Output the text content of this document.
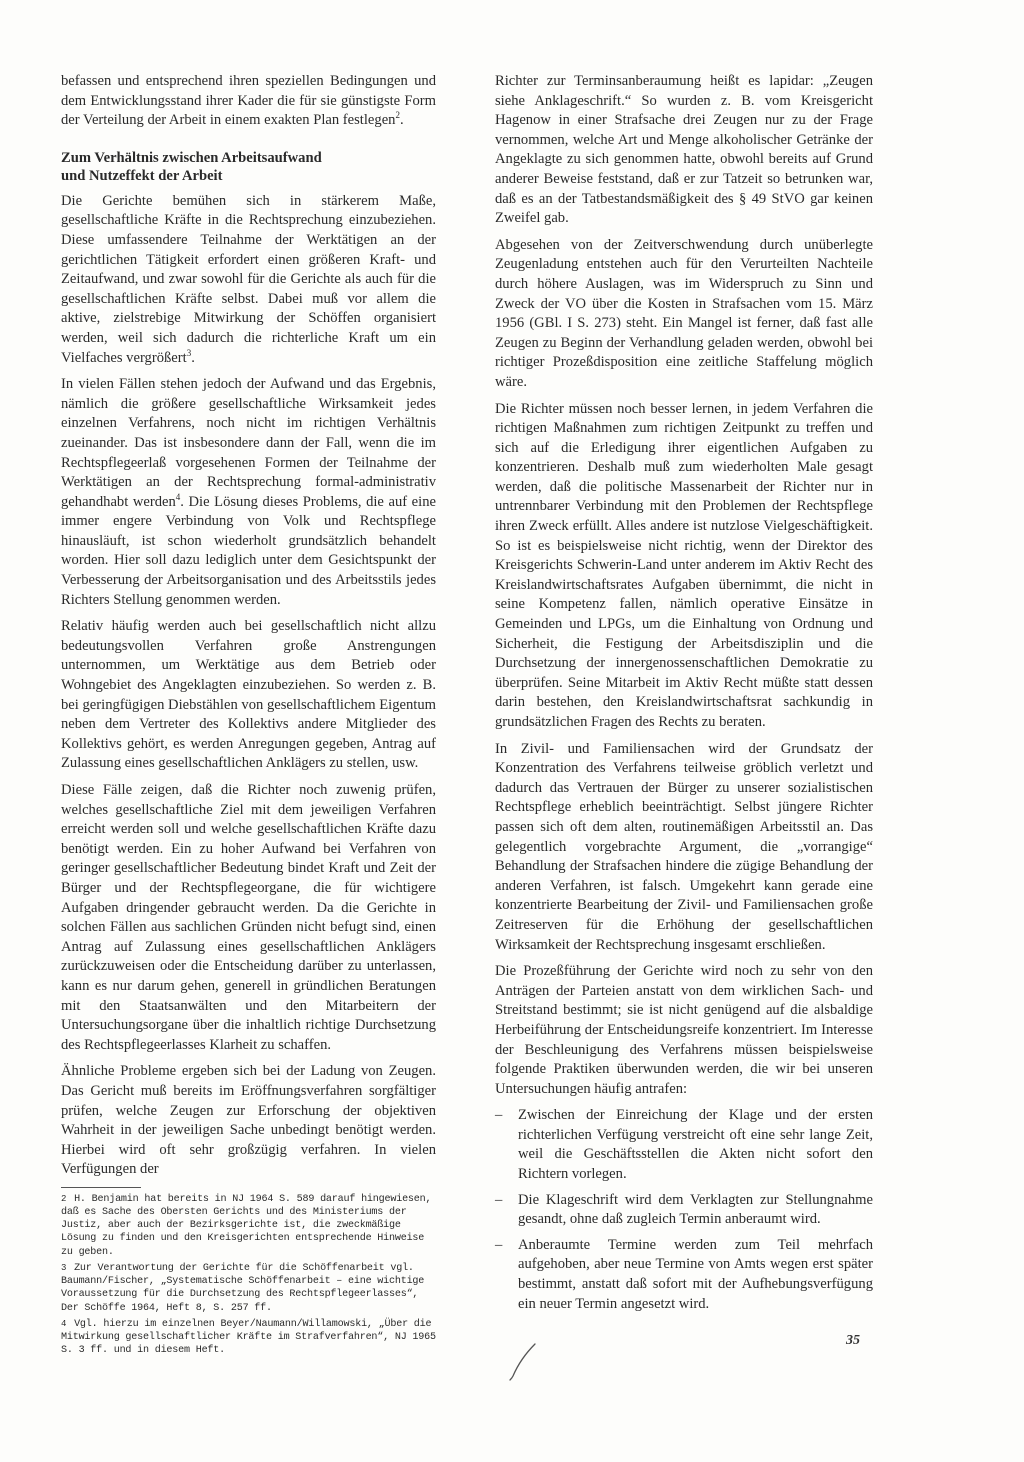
befassen und entsprechend ihren speziellen Bedingungen und dem Entwicklungsstand ihrer Kader die für sie günstigste Form der Verteilung der Arbeit in einem exakten Plan festlegen$^2$.

Zum Verhältnis zwischen Arbeitsaufwand
und Nutzeffekt der Arbeit

Die Gerichte bemühen sich in stärkerem Maße, gesellschaftliche Kräfte in die Rechtsprechung einzubeziehen. Diese umfassendere Teilnahme der Werktätigen an der gerichtlichen Tätigkeit erfordert einen größeren Kraft- und Zeitaufwand, und zwar sowohl für die Gerichte als auch für die gesellschaftlichen Kräfte selbst. Dabei muß vor allem die aktive, zielstrebige Mitwirkung der Schöffen organisiert werden, weil sich dadurch die richterliche Kraft um ein Vielfaches vergrößert$^3$.

In vielen Fällen stehen jedoch der Aufwand und das Ergebnis, nämlich die größere gesellschaftliche Wirksamkeit jedes einzelnen Verfahrens, noch nicht im richtigen Verhältnis zueinander. Das ist insbesondere dann der Fall, wenn die im Rechtspflegeerlaß vorgesehenen Formen der Teilnahme der Werktätigen an der Rechtsprechung formal-administrativ gehandhabt werden$^4$. Die Lösung dieses Problems, die auf eine immer engere Verbindung von Volk und Rechtspflege hinausläuft, ist schon wiederholt grundsätzlich behandelt worden. Hier soll dazu lediglich unter dem Gesichtspunkt der Verbesserung der Arbeitsorganisation und des Arbeitsstils jedes Richters Stellung genommen werden.

Relativ häufig werden auch bei gesellschaftlich nicht allzu bedeutungsvollen Verfahren große Anstrengungen unternommen, um Werktätige aus dem Betrieb oder Wohngebiet des Angeklagten einzubeziehen. So werden z. B. bei geringfügigen Diebstählen von gesellschaftlichem Eigentum neben dem Vertreter des Kollektivs andere Mitglieder des Kollektivs gehört, es werden Anregungen gegeben, Antrag auf Zulassung eines gesellschaftlichen Anklägers zu stellen, usw.

Diese Fälle zeigen, daß die Richter noch zuwenig prüfen, welches gesellschaftliche Ziel mit dem jeweiligen Verfahren erreicht werden soll und welche gesellschaftlichen Kräfte dazu benötigt werden. Ein zu hoher Aufwand bei Verfahren von geringer gesellschaftlicher Bedeutung bindet Kraft und Zeit der Bürger und der Rechtspflegeorgane, die für wichtigere Aufgaben dringender gebraucht werden. Da die Gerichte in solchen Fällen aus sachlichen Gründen nicht befugt sind, einen Antrag auf Zulassung eines gesellschaftlichen Anklägers zurückzuweisen oder die Entscheidung darüber zu unterlassen, kann es nur darum gehen, generell in gründlichen Beratungen mit den Staatsanwälten und den Mitarbeitern der Untersuchungsorgane über die inhaltlich richtige Durchsetzung des Rechtspflegeerlasses Klarheit zu schaffen.

Ähnliche Probleme ergeben sich bei der Ladung von Zeugen. Das Gericht muß bereits im Eröffnungsverfahren sorgfältiger prüfen, welche Zeugen zur Erforschung der objektiven Wahrheit in der jeweiligen Sache unbedingt benötigt werden. Hierbei wird oft sehr großzügig verfahren. In vielen Verfügungen der

2 H. Benjamin hat bereits in NJ 1964 S. 589 darauf hingewiesen, daß es Sache des Obersten Gerichts und des Ministeriums der Justiz, aber auch der Bezirksgerichte ist, die zweckmäßige Lösung zu finden und den Kreisgerichten entsprechende Hinweise zu geben.
3 Zur Verantwortung der Gerichte für die Schöffenarbeit vgl. Baumann/Fischer, „Systematische Schöffenarbeit – eine wichtige Voraussetzung für die Durchsetzung des Rechtspflegeerlasses“, Der Schöffe 1964, Heft 8, S. 257 ff.
4 Vgl. hierzu im einzelnen Beyer/Naumann/Willamowski, „Über die Mitwirkung gesellschaftlicher Kräfte im Strafverfahren“, NJ 1965 S. 3 ff. und in diesem Heft.

Richter zur Terminsanberaumung heißt es lapidar: „Zeugen siehe Anklageschrift.“ So wurden z. B. vom Kreisgericht Hagenow in einer Strafsache drei Zeugen nur zu der Frage vernommen, welche Art und Menge alkoholischer Getränke der Angeklagte zu sich genommen hatte, obwohl bereits auf Grund anderer Beweise feststand, daß er zur Tatzeit so betrunken war, daß es an der Tatbestandsmäßigkeit des § 49 StVO gar keinen Zweifel gab.

Abgesehen von der Zeitverschwendung durch unüberlegte Zeugenladung entstehen auch für den Verurteilten Nachteile durch höhere Auslagen, was im Widerspruch zu Sinn und Zweck der VO über die Kosten in Strafsachen vom 15. März 1956 (GBl. I S. 273) steht. Ein Mangel ist ferner, daß fast alle Zeugen zu Beginn der Verhandlung geladen werden, obwohl bei richtiger Prozeßdisposition eine zeitliche Staffelung möglich wäre.

Die Richter müssen noch besser lernen, in jedem Verfahren die richtigen Maßnahmen zum richtigen Zeitpunkt zu treffen und sich auf die Erledigung ihrer eigentlichen Aufgaben zu konzentrieren. Deshalb muß zum wiederholten Male gesagt werden, daß die politische Massenarbeit der Richter nur in untrennbarer Verbindung mit den Problemen der Rechtspflege ihren Zweck erfüllt. Alles andere ist nutzlose Vielgeschäftigkeit. So ist es beispielsweise nicht richtig, wenn der Direktor des Kreisgerichts Schwerin-Land unter anderem im Aktiv Recht des Kreislandwirtschaftsrates Aufgaben übernimmt, die nicht in seine Kompetenz fallen, nämlich operative Einsätze in Gemeinden und LPGs, um die Einhaltung von Ordnung und Sicherheit, die Festigung der Arbeitsdisziplin und die Durchsetzung der innergenossenschaftlichen Demokratie zu überprüfen. Seine Mitarbeit im Aktiv Recht müßte statt dessen darin bestehen, den Kreislandwirtschaftsrat sachkundig in grundsätzlichen Fragen des Rechts zu beraten.

In Zivil- und Familiensachen wird der Grundsatz der Konzentration des Verfahrens teilweise gröblich verletzt und dadurch das Vertrauen der Bürger zu unserer sozialistischen Rechtspflege erheblich beeinträchtigt. Selbst jüngere Richter passen sich oft dem alten, routinemäßigen Arbeitsstil an. Das gelegentlich vorgebrachte Argument, die „vorrangige“ Behandlung der Strafsachen hindere die zügige Behandlung der anderen Verfahren, ist falsch. Umgekehrt kann gerade eine konzentrierte Bearbeitung der Zivil- und Familiensachen große Zeitreserven für die Erhöhung der gesellschaftlichen Wirksamkeit der Rechtsprechung insgesamt erschließen.

Die Prozeßführung der Gerichte wird noch zu sehr von den Anträgen der Parteien anstatt von dem wirklichen Sach- und Streitstand bestimmt; sie ist nicht genügend auf die alsbaldige Herbeiführung der Entscheidungsreife konzentriert. Im Interesse der Beschleunigung des Verfahrens müssen beispielsweise folgende Praktiken überwunden werden, die wir bei unseren Untersuchungen häufig antrafen:

– Zwischen der Einreichung der Klage und der ersten richterlichen Verfügung verstreicht oft eine sehr lange Zeit, weil die Geschäftsstellen die Akten nicht sofort den Richtern vorlegen.
– Die Klageschrift wird dem Verklagten zur Stellungnahme gesandt, ohne daß zugleich Termin anberaumt wird.
– Anberaumte Termine werden zum Teil mehrfach aufgehoben, aber neue Termine von Amts wegen erst später bestimmt, anstatt daß sofort mit der Aufhebungsverfügung ein neuer Termin angesetzt wird.
35
